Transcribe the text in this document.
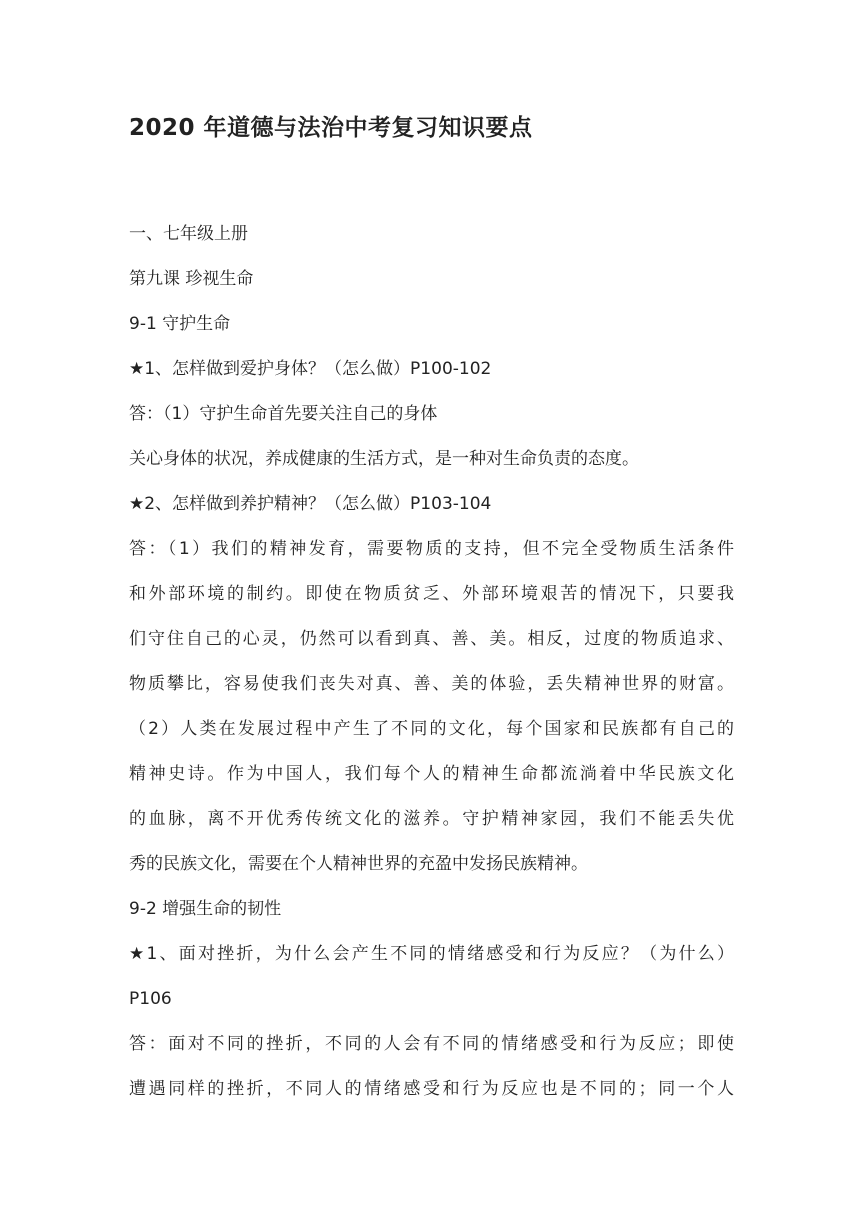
2020 年道德与法治中考复习知识要点
一、七年级上册
第九课 珍视生命
9-1 守护生命
★1、怎样做到爱护身体？（怎么做）P100-102
答：（1）守护生命首先要关注自己的身体
关心身体的状况，养成健康的生活方式，是一种对生命负责的态度。
★2、怎样做到养护精神？（怎么做）P103-104
答：（1）我们的精神发育，需要物质的支持，但不完全受物质生活条件
和外部环境的制约。即使在物质贫乏、外部环境艰苦的情况下，只要我
们守住自己的心灵，仍然可以看到真、善、美。相反，过度的物质追求、
物质攀比，容易使我们丧失对真、善、美的体验，丢失精神世界的财富。
（2）人类在发展过程中产生了不同的文化，每个国家和民族都有自己的
精神史诗。作为中国人，我们每个人的精神生命都流淌着中华民族文化
的血脉，离不开优秀传统文化的滋养。守护精神家园，我们不能丢失优
秀的民族文化，需要在个人精神世界的充盈中发扬民族精神。
9-2 增强生命的韧性
★1、面对挫折，为什么会产生不同的情绪感受和行为反应？（为什么）
P106
答：面对不同的挫折，不同的人会有不同的情绪感受和行为反应；即使
遭遇同样的挫折，不同人的情绪感受和行为反应也是不同的；同一个人
